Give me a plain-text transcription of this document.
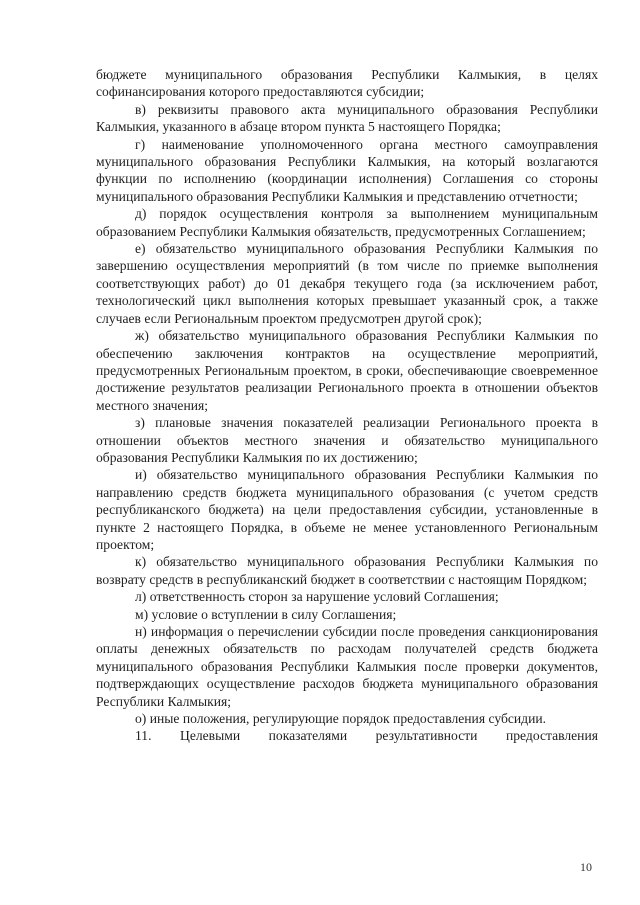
бюджете муниципального образования Республики Калмыкия, в целях софинансирования которого предоставляются субсидии;

в) реквизиты правового акта муниципального образования Республики Калмыкия, указанного в абзаце втором пункта 5 настоящего Порядка;

г) наименование уполномоченного органа местного самоуправления муниципального образования Республики Калмыкия, на который возлагаются функции по исполнению (координации исполнения) Соглашения со стороны муниципального образования Республики Калмыкия и представлению отчетности;

д) порядок осуществления контроля за выполнением муниципальным образованием Республики Калмыкия обязательств, предусмотренных Соглашением;

е) обязательство муниципального образования Республики Калмыкия по завершению осуществления мероприятий (в том числе по приемке выполнения соответствующих работ) до 01 декабря текущего года (за исключением работ, технологический цикл выполнения которых превышает указанный срок, а также случаев если Региональным проектом предусмотрен другой срок);

ж) обязательство муниципального образования Республики Калмыкия по обеспечению заключения контрактов на осуществление мероприятий, предусмотренных Региональным проектом, в сроки, обеспечивающие своевременное достижение результатов реализации Регионального проекта в отношении объектов местного значения;

з) плановые значения показателей реализации Регионального проекта в отношении объектов местного значения и обязательство муниципального образования Республики Калмыкия по их достижению;

и) обязательство муниципального образования Республики Калмыкия по направлению средств бюджета муниципального образования (с учетом средств республиканского бюджета) на цели предоставления субсидии, установленные в пункте 2 настоящего Порядка, в объеме не менее установленного Региональным проектом;

к) обязательство муниципального образования Республики Калмыкия по возврату средств в республиканский бюджет в соответствии с настоящим Порядком;

л) ответственность сторон за нарушение условий Соглашения;

м) условие о вступлении в силу Соглашения;

н) информация о перечислении субсидии после проведения санкционирования оплаты денежных обязательств по расходам получателей средств бюджета муниципального образования Республики Калмыкия после проверки документов, подтверждающих осуществление расходов бюджета муниципального образования Республики Калмыкия;

о) иные положения, регулирующие порядок предоставления субсидии.

11. Целевыми показателями результативности предоставления

10
